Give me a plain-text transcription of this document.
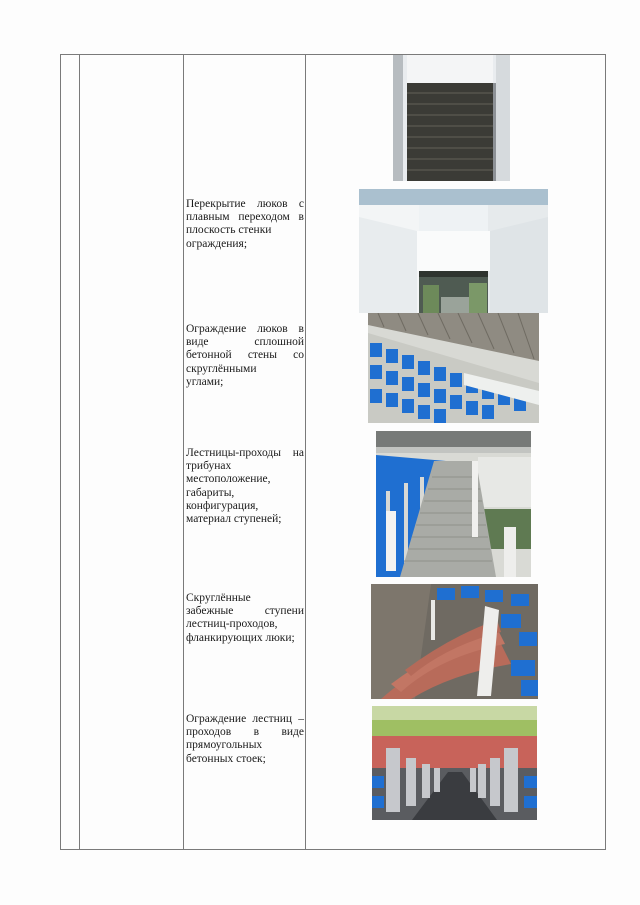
Перекрытие люков с
плавным переходом в
плоскость стенки
ограждения;
Ограждение люков в
виде сплошной
бетонной стены со
скруглёнными
углами;
Лестницы-проходы на
трибунах
местоположение,
габариты,
конфигурация,
материал ступеней;
Скруглённые
забежные ступени
лестниц-проходов,
фланкирующих люки;
Ограждение лестниц –
проходов в виде
прямоугольных
бетонных стоек;
